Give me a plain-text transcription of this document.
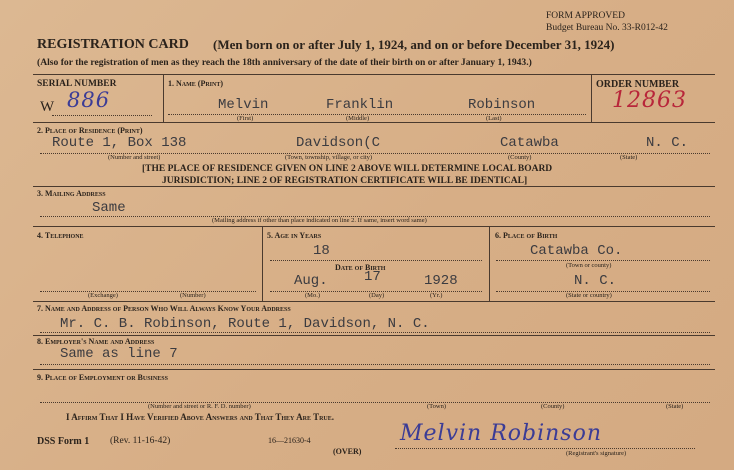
FORM APPROVED
Budget Bureau No. 33-R012-42
REGISTRATION CARD (Men born on or after July 1, 1924, and on or before December 31, 1924)
(Also for the registration of men as they reach the 18th anniversary of the date of their birth on or after January 1, 1943.)
SERIAL NUMBER
W 886
1. Name (Print)
Melvin	Franklin	Robinson
(First)	(Middle)	(Last)
ORDER NUMBER
12863
2. Place of Residence (Print)
Route 1, Box 138	Davidson(C	Catawba	N. C.
(Number and street)	(Town, township, village, or city)	(County)	(State)
[THE PLACE OF RESIDENCE GIVEN ON LINE 2 ABOVE WILL DETERMINE LOCAL BOARD
JURISDICTION; LINE 2 OF REGISTRATION CERTIFICATE WILL BE IDENTICAL]
3. Mailing Address
Same
(Mailing address if other than place indicated on line 2. If same, insert word same)
4. Telephone
(Exchange)	(Number)
5. Age in Years
18
Date of Birth
Aug.	17	1928
(Mo.)	(Day)	(Yr.)
6. Place of Birth
Catawba Co.
(Town or county)
N. C.
(State or country)
7. Name and Address of Person Who Will Always Know Your Address
Mr. C. B. Robinson, Route 1, Davidson, N. C.
8. Employer's Name and Address
Same as line 7
9. Place of Employment or Business
(Number and street or R. F. D. number)	(Town)	(County)	(State)
I Affirm That I Have Verified Above Answers and That They Are True.
DSS Form 1 (Rev. 11-16-42)	16—21630-4
(OVER)
Melvin Robinson
(Registrant's signature)
